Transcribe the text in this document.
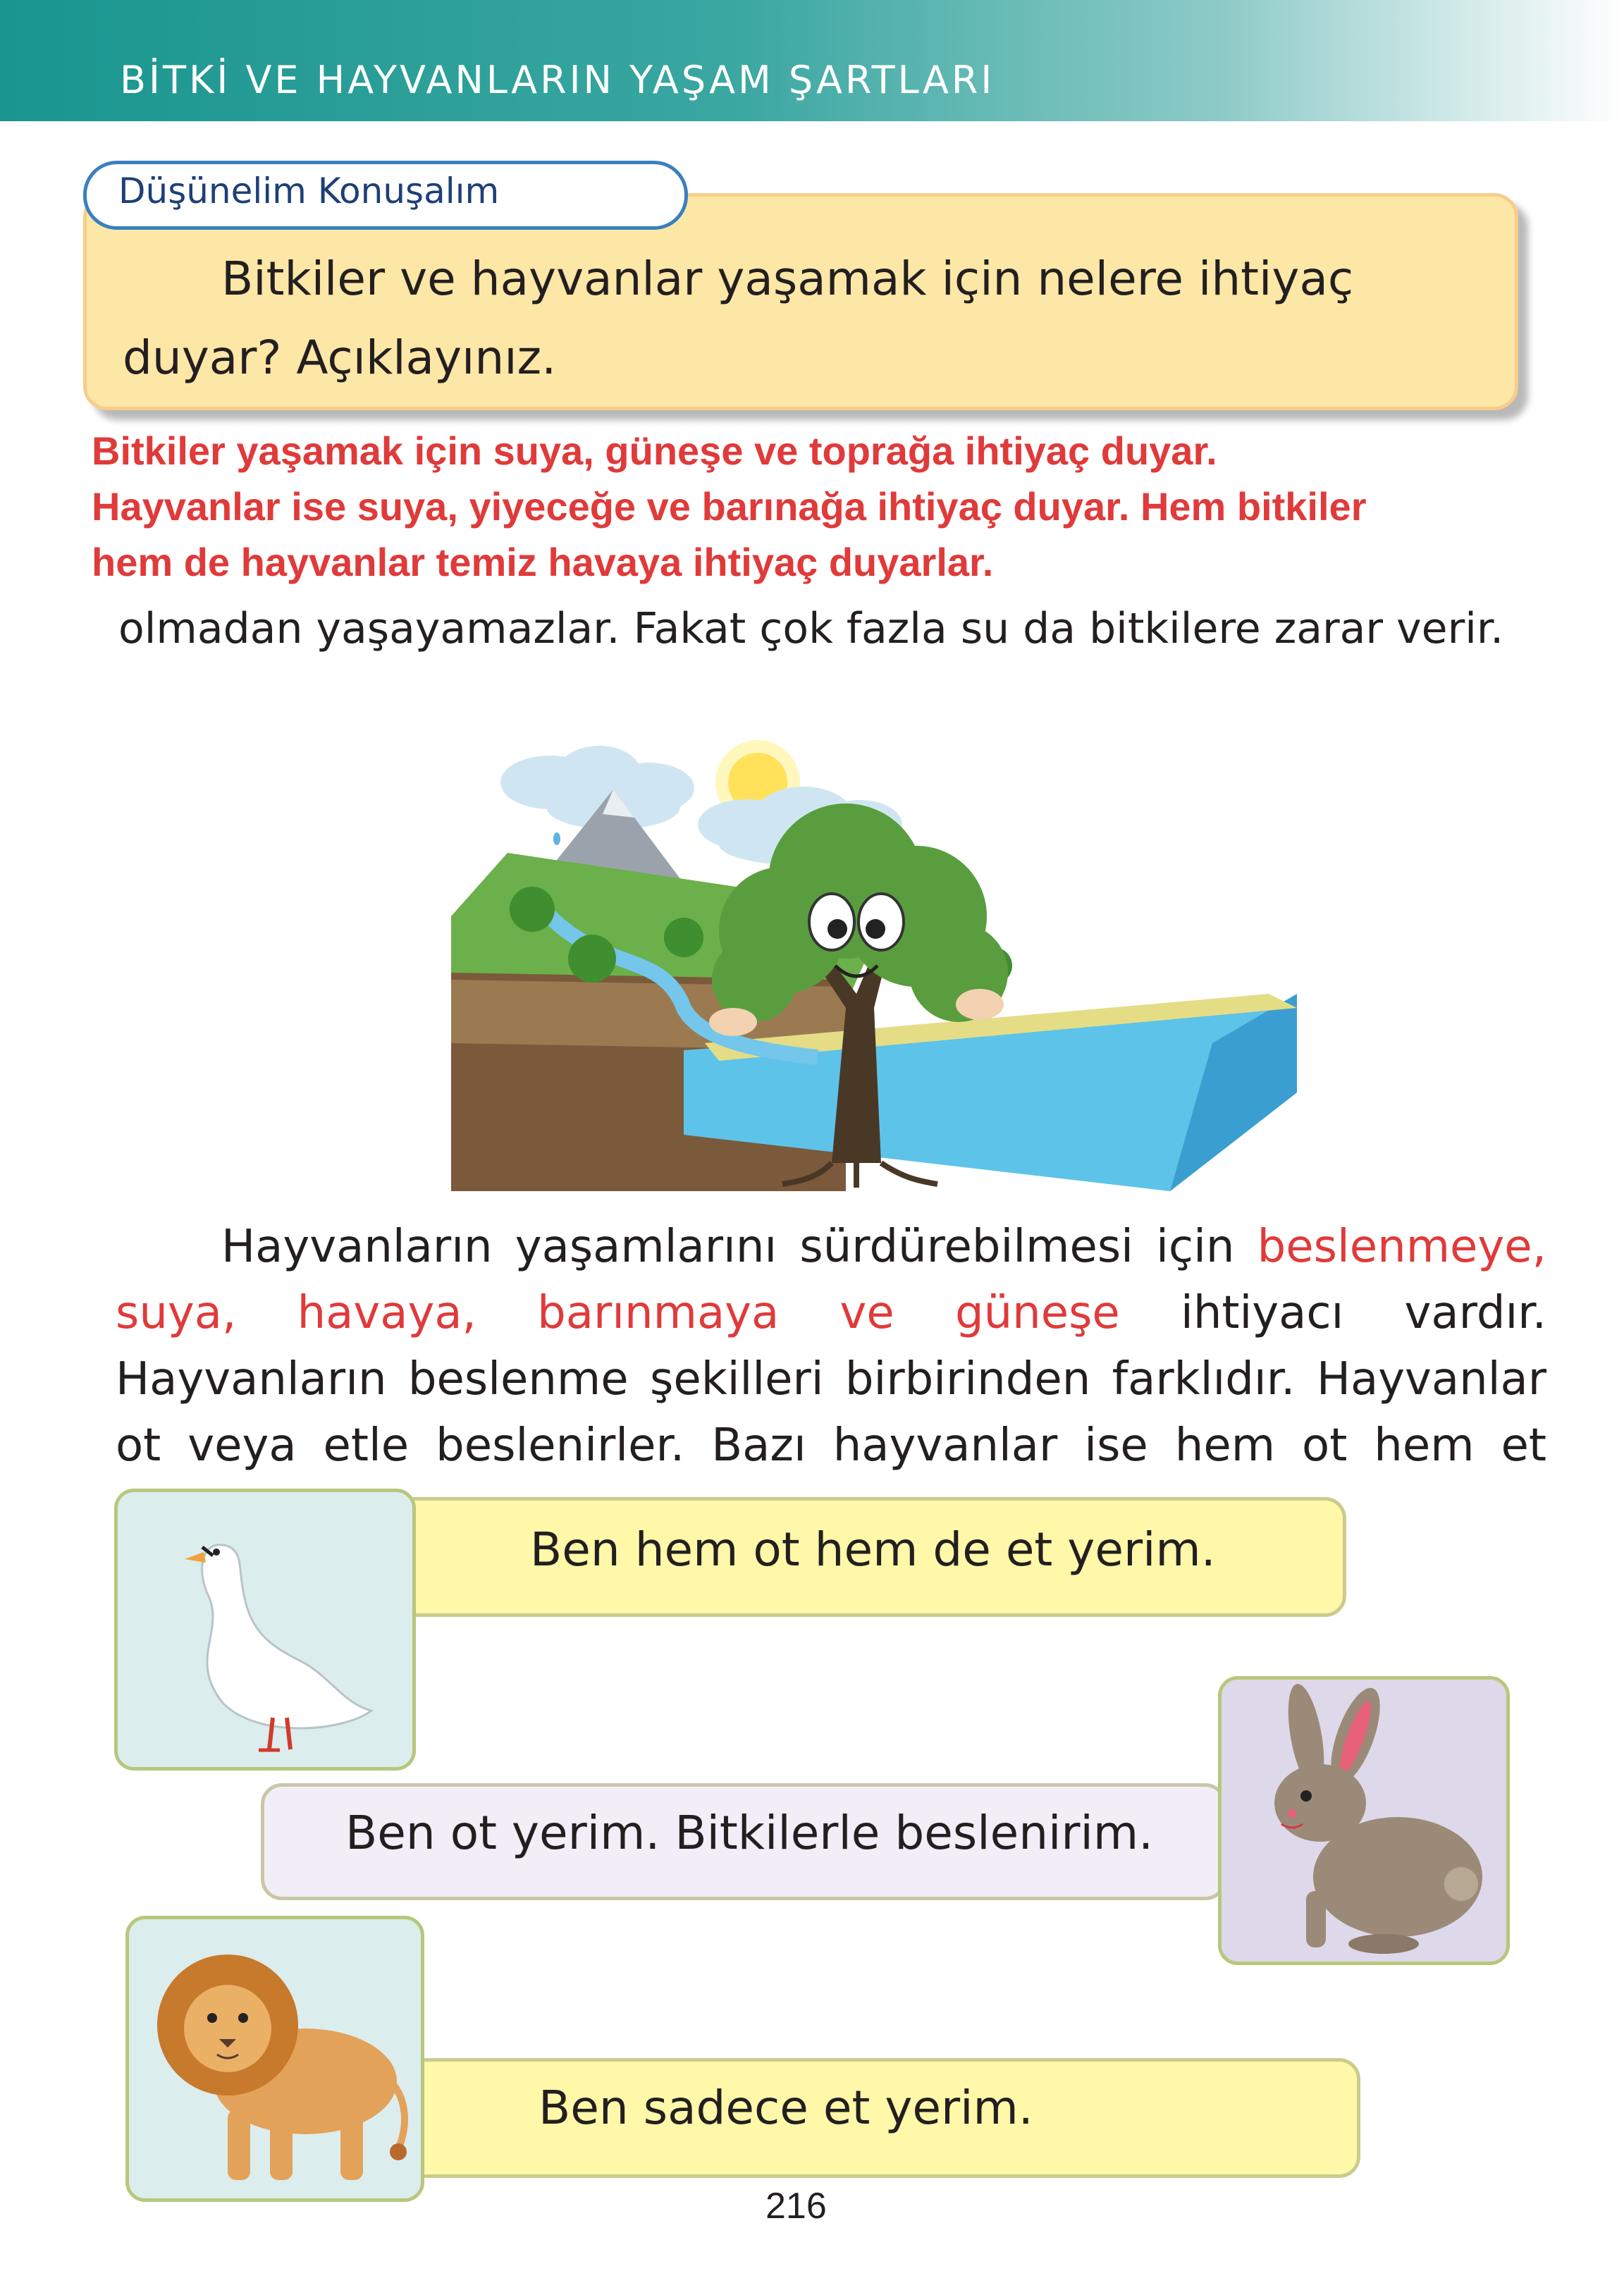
BİTKİ VE HAYVANLARIN YAŞAM ŞARTLARI
Düşünelim Konuşalım
Bitkiler ve hayvanlar yaşamak için nelere ihtiyaç duyar? Açıklayınız.
Bitkiler yaşamak için suya, güneşe ve toprağa ihtiyaç duyar.
Hayvanlar ise suya, yiyeceğe ve barınağa ihtiyaç duyar. Hem bitkiler
hem de hayvanlar temiz havaya ihtiyaç duyarlar.
olmadan yaşayamazlar. Fakat çok fazla su da bitkilere zarar verir.
Hayvanların yaşamlarını sürdürebilmesi için beslenmeye, suya, havaya, barınmaya ve güneşe ihtiyacı vardır. Hayvanların beslenme şekilleri birbirinden farklıdır. Hayvanlar ot veya etle beslenirler. Bazı hayvanlar ise hem ot hem et
Ben hem ot hem de et yerim.
Ben ot yerim. Bitkilerle beslenirim.
Ben sadece et yerim.
216
